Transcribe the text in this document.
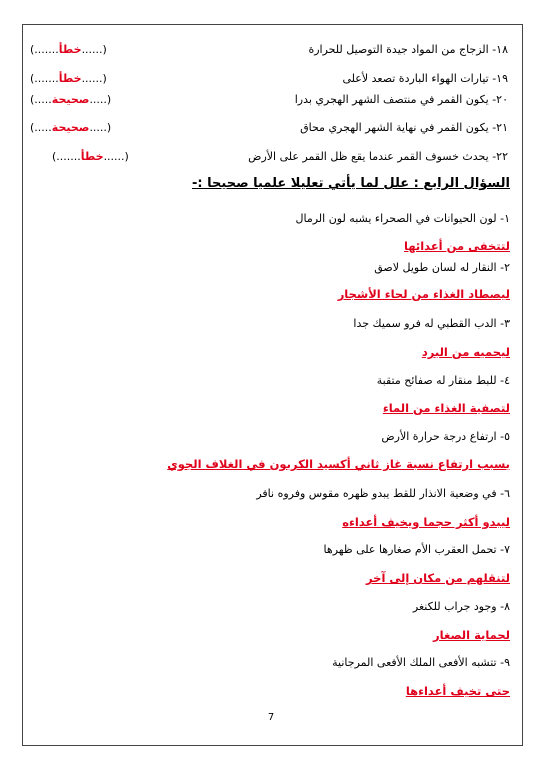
١٨- الزجاج من المواد جيدة التوصيل للحرارة
(.......خطأ......)
١٩- تيارات الهواء الباردة تصعد لأعلى
(.......خطأ......)
٢٠- يكون القمر في منتصف الشهر الهجري بدرا
(.....صحيحة.....)
٢١- يكون القمر في نهاية الشهر الهجري محاق
(.....صحيحة.....)
٢٢- يحدث خسوف القمر عندما يقع ظل القمر على الأرض
(.......خطأ......)
السؤال الرابع : علل لما يأتي تعليلا علميا صحيحا :-
١- لون الحيوانات في الصحراء يشبه لون الرمال
لتتخفى من أعدائها
٢- النقار له لسان طويل لاصق
ليصطاد الغذاء من لحاء الأشجار
٣- الدب القطبي له فرو سميك جدا
ليحميه من البرد
٤- للبط منقار له صفائح متقبة
لتصفية الغذاء من الماء
٥- ارتفاع درجة حرارة الأرض
بسبب ارتفاع نسبة غاز ثاني أكسيد الكربون في الغلاف الجوي
٦- في وضعية الانذار للقط يبدو ظهره مقوس وفروه نافر
ليبدو أكثر حجما ويخيف أعداءه
٧- تحمل العقرب الأم صغارها على ظهرها
لتنقلهم من مكان إلى آخر
٨- وجود جراب للكنغر
لحماية الصغار
٩- تتشبه الأفعى الملك الأفعى المرجانية
حتى تخيف أعداءها
7
